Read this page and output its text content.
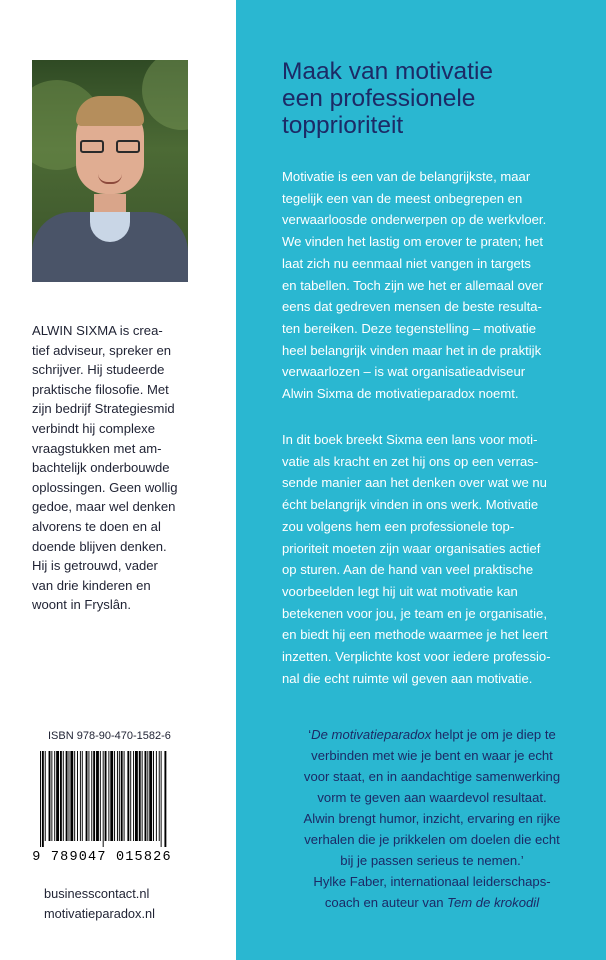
ALWIN SIXMA is crea-
tief adviseur, spreker en
schrijver. Hij studeerde
praktische filosofie. Met
zijn bedrijf Strategiesmid
verbindt hij complexe
vraagstukken met am-
bachtelijk onderbouwde
oplossingen. Geen wollig
gedoe, maar wel denken
alvorens te doen en al
doende blijven denken.
Hij is getrouwd, vader
van drie kinderen en
woont in Fryslân.
ISBN 978-90-470-1582-6
9 789047 015826
businesscontact.nl
motivatieparadox.nl
Maak van motivatie
een professionele
topprioriteit
Motivatie is een van de belangrijkste, maar
tegelijk een van de meest onbegrepen en
verwaarloosde onderwerpen op de werkvloer.
We vinden het lastig om erover te praten; het
laat zich nu eenmaal niet vangen in targets
en tabellen. Toch zijn we het er allemaal over
eens dat gedreven mensen de beste resulta-
ten bereiken. Deze tegenstelling – motivatie
heel belangrijk vinden maar het in de praktijk
verwaarlozen – is wat organisatieadviseur
Alwin Sixma de motivatieparadox noemt.
In dit boek breekt Sixma een lans voor moti-
vatie als kracht en zet hij ons op een verras-
sende manier aan het denken over wat we nu
écht belangrijk vinden in ons werk. Motivatie
zou volgens hem een professionele top-
prioriteit moeten zijn waar organisaties actief
op sturen. Aan de hand van veel praktische
voorbeelden legt hij uit wat motivatie kan
betekenen voor jou, je team en je organisatie,
en biedt hij een methode waarmee je het leert
inzetten. Verplichte kost voor iedere professio-
nal die echt ruimte wil geven aan motivatie.
‘De motivatieparadox helpt je om je diep te
verbinden met wie je bent en waar je echt
voor staat, en in aandachtige samenwerking
vorm te geven aan waardevol resultaat.
Alwin brengt humor, inzicht, ervaring en rijke
verhalen die je prikkelen om doelen die echt
bij je passen serieus te nemen.’
Hylke Faber, internationaal leiderschaps-
coach en auteur van Tem de krokodil
